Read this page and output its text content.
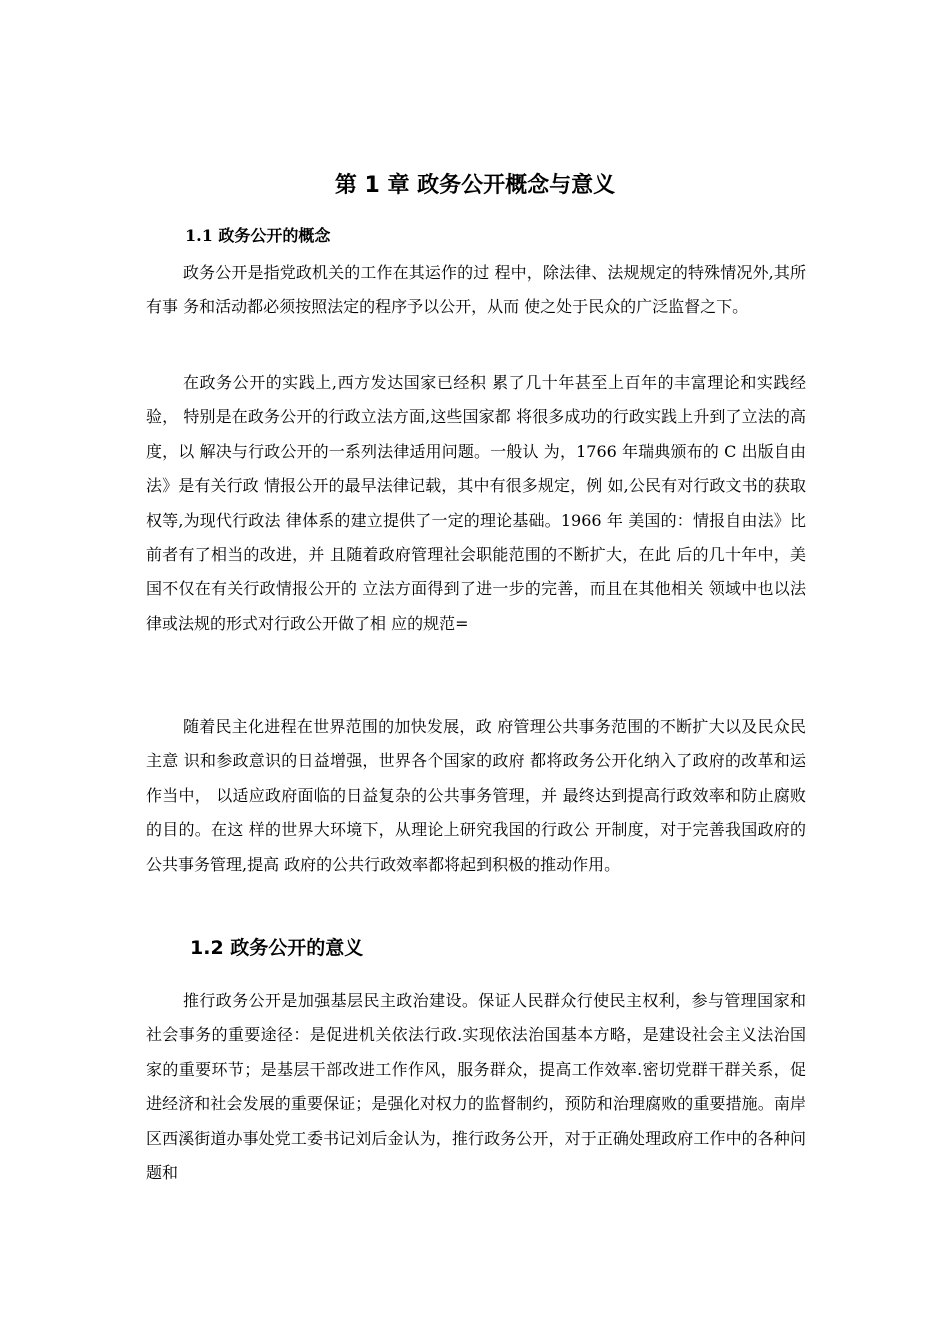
第 1 章 政务公开概念与意义
1.1 政务公开的概念

政务公开是指党政机关的工作在其运作的过 程中，除法律、法规规定的特殊情况外,其所有事 务和活动都必须按照法定的程序予以公开，从而 使之处于民众的广泛监督之下。

在政务公开的实践上,西方发达国家已经积 累了几十年甚至上百年的丰富理论和实践经验， 特别是在政务公开的行政立法方面,这些国家都 将很多成功的行政实践上升到了立法的高度，以 解决与行政公开的一系列法律适用问题。一般认 为，1766 年瑞典颁布的 C 出版自由法》是有关行政 情报公开的最早法律记载，其中有很多规定，例 如,公民有对行政文书的获取权等,为现代行政法 律体系的建立提供了一定的理论基础。1966 年 美国的：情报自由法》比前者有了相当的改进，并 且随着政府管理社会职能范围的不断扩大，在此 后的几十年中，美国不仅在有关行政情报公开的 立法方面得到了进一步的完善，而且在其他相关 领域中也以法律或法规的形式对行政公开做了相 应的规范=

随着民主化进程在世界范围的加快发展，政 府管理公共事务范围的不断扩大以及民众民主意 识和参政意识的日益增强，世界各个国家的政府 都将政务公开化纳入了政府的改革和运作当中， 以适应政府面临的日益复杂的公共事务管理，并 最终达到提高行政效率和防止腐败的目的。在这 样的世界大环境下，从理论上研究我国的行政公 开制度，对于完善我国政府的公共事务管理,提高 政府的公共行政效率都将起到积极的推动作用。

1.2 政务公开的意义

推行政务公开是加强基层民主政治建设。保证人民群众行使民主权利，参与管理国家和社会事务的重要途径：是促进机关依法行政.实现依法治国基本方略，是建设社会主义法治国家的重要环节；是基层干部改进工作作风，服务群众，提高工作效率.密切党群干群关系，促进经济和社会发展的重要保证；是强化对权力的监督制约，预防和治理腐败的重要措施。南岸区西溪街道办事处党工委书记刘后金认为，推行政务公开，对于正确处理政府工作中的各种问题和
